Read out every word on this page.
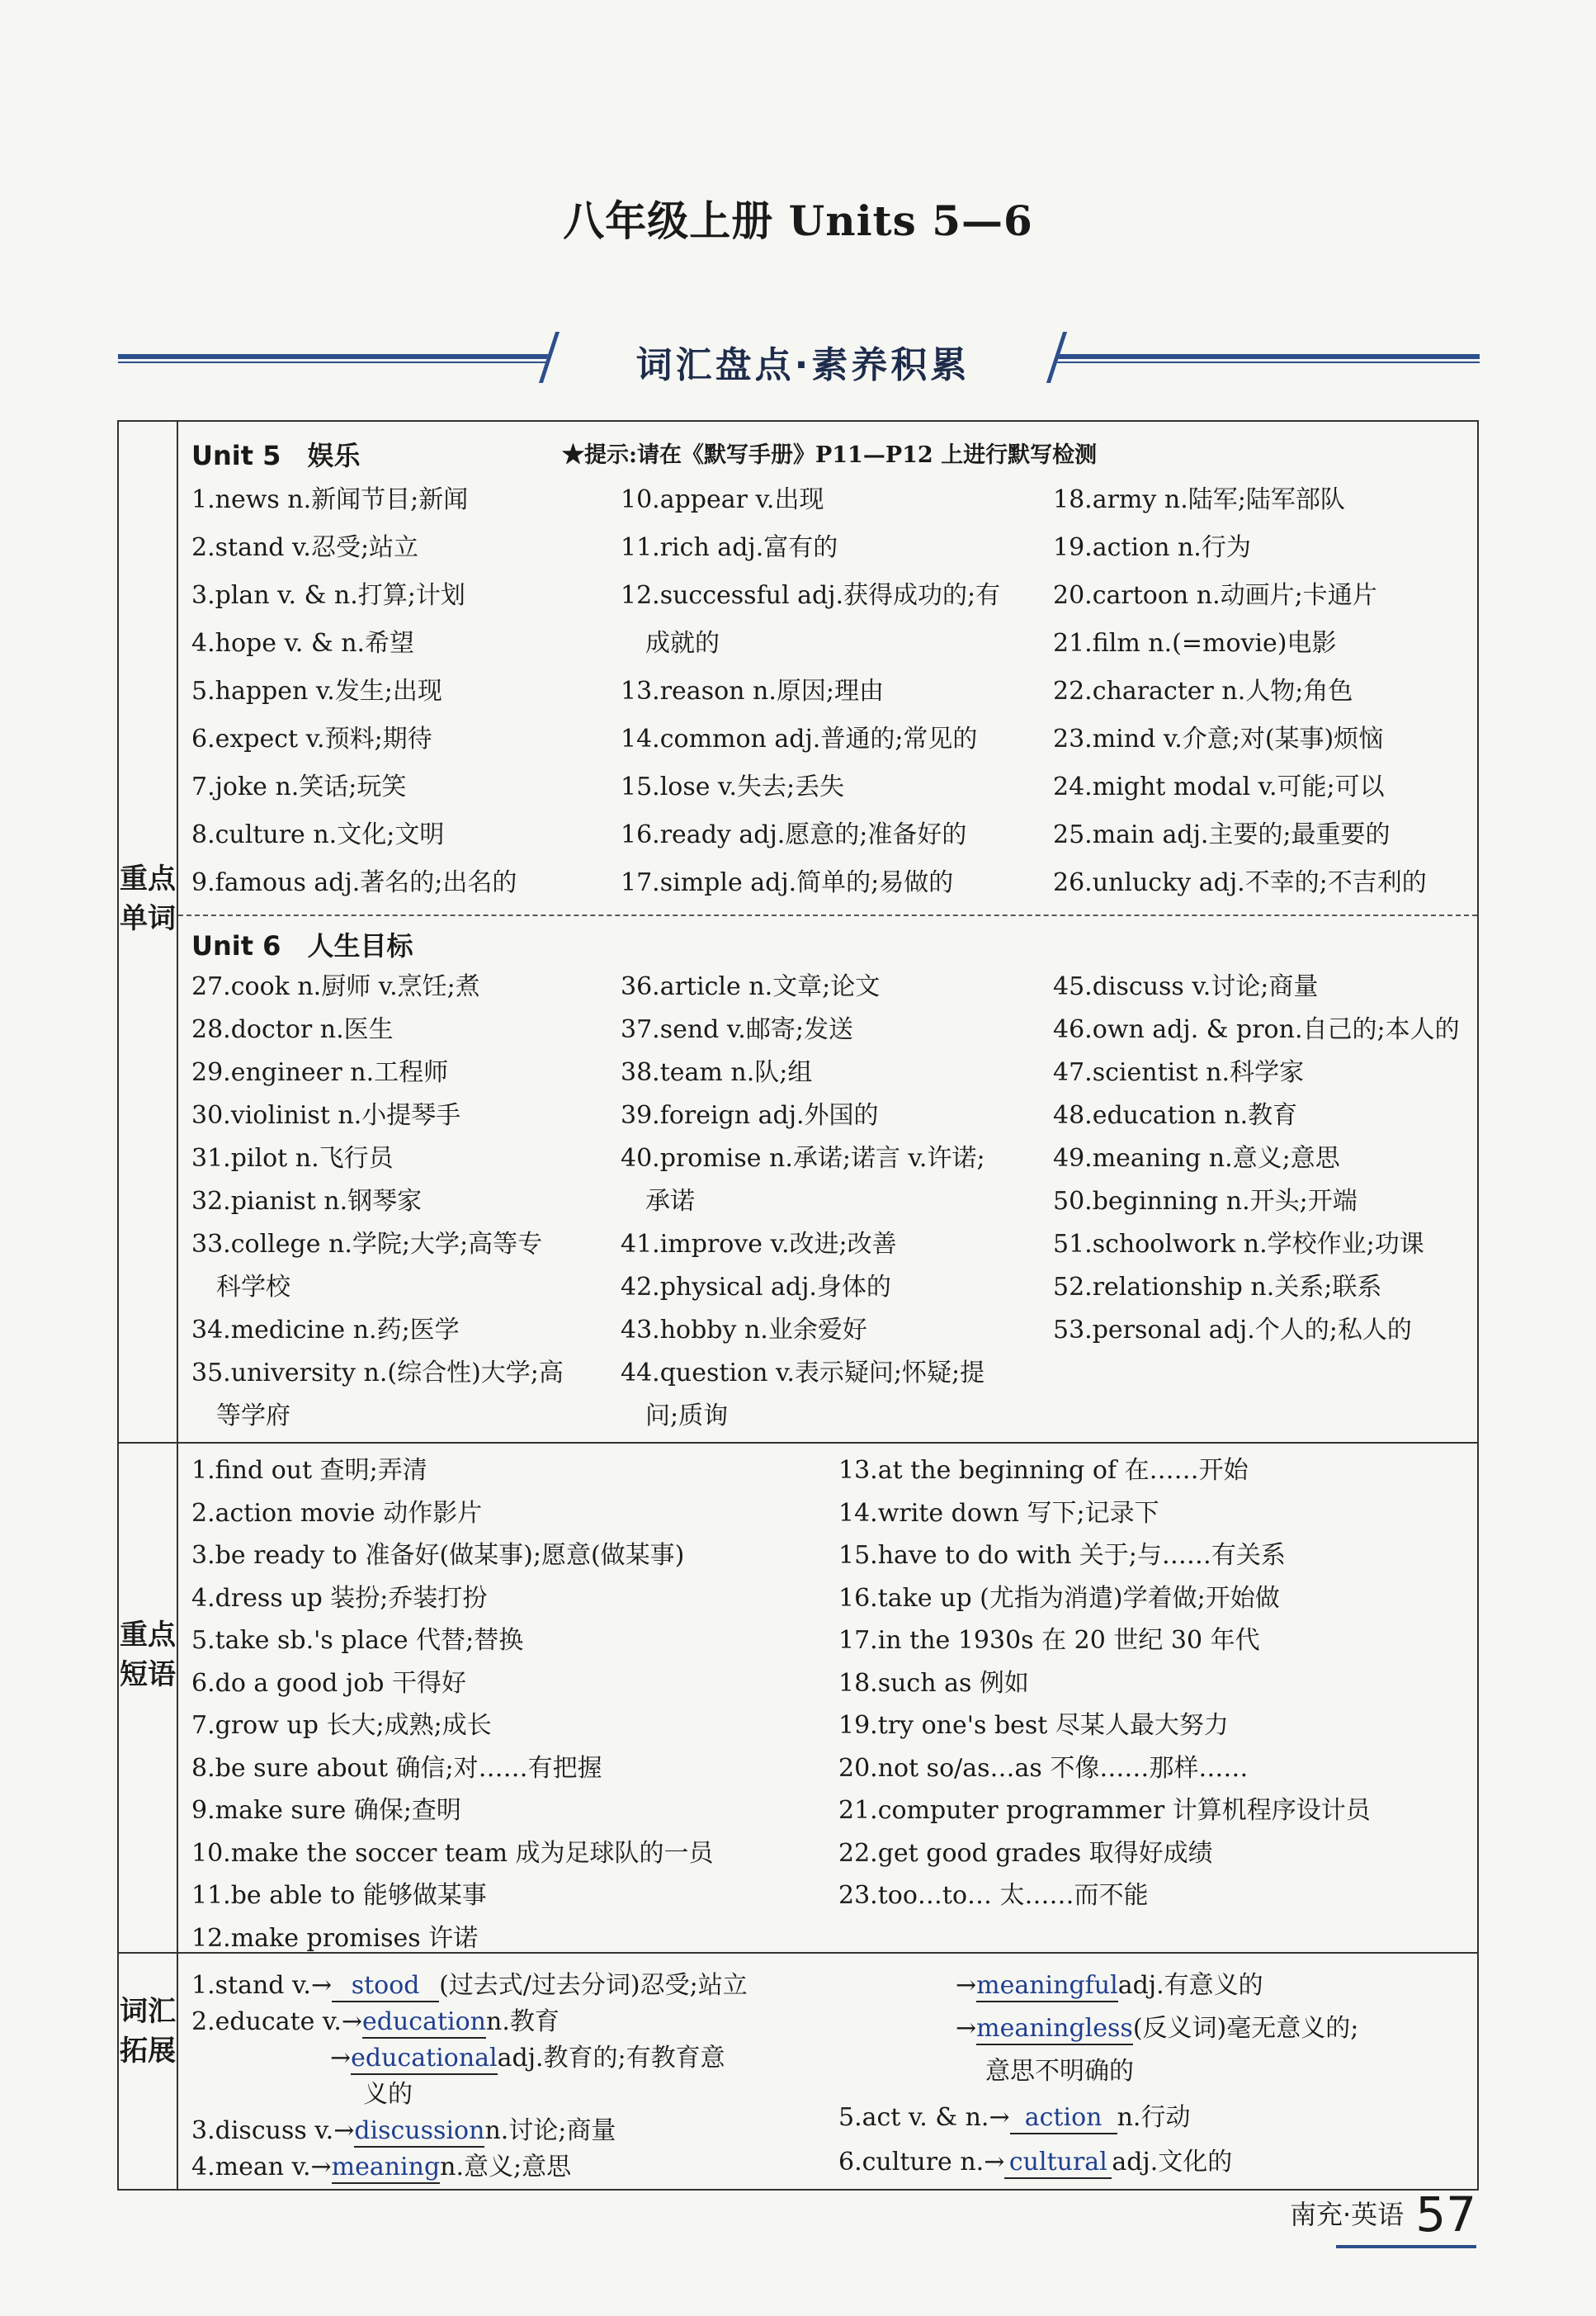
八年级上册 Units 5—6
词汇盘点·素养积累
重点单词
重点短语
词汇拓展
Unit 5　娱乐	★提示:请在《默写手册》P11—P12 上进行默写检测
1.news n.新闻节目;新闻
2.stand v.忍受;站立
3.plan v. & n.打算;计划
4.hope v. & n.希望
5.happen v.发生;出现
6.expect v.预料;期待
7.joke n.笑话;玩笑
8.culture n.文化;文明
9.famous adj.著名的;出名的
10.appear v.出现
11.rich adj.富有的
12.successful adj.获得成功的;有
　成就的
13.reason n.原因;理由
14.common adj.普通的;常见的
15.lose v.失去;丢失
16.ready adj.愿意的;准备好的
17.simple adj.简单的;易做的
18.army n.陆军;陆军部队
19.action n.行为
20.cartoon n.动画片;卡通片
21.film n.(=movie)电影
22.character n.人物;角色
23.mind v.介意;对(某事)烦恼
24.might modal v.可能;可以
25.main adj.主要的;最重要的
26.unlucky adj.不幸的;不吉利的
Unit 6　人生目标
27.cook n.厨师 v.烹饪;煮
28.doctor n.医生
29.engineer n.工程师
30.violinist n.小提琴手
31.pilot n.飞行员
32.pianist n.钢琴家
33.college n.学院;大学;高等专
　科学校
34.medicine n.药;医学
35.university n.(综合性)大学;高
　等学府
36.article n.文章;论文
37.send v.邮寄;发送
38.team n.队;组
39.foreign adj.外国的
40.promise n.承诺;诺言 v.许诺;
　承诺
41.improve v.改进;改善
42.physical adj.身体的
43.hobby n.业余爱好
44.question v.表示疑问;怀疑;提
　问;质询
45.discuss v.讨论;商量
46.own adj. & pron.自己的;本人的
47.scientist n.科学家
48.education n.教育
49.meaning n.意义;意思
50.beginning n.开头;开端
51.schoolwork n.学校作业;功课
52.relationship n.关系;联系
53.personal adj.个人的;私人的
1.find out 查明;弄清
2.action movie 动作影片
3.be ready to 准备好(做某事);愿意(做某事)
4.dress up 装扮;乔装打扮
5.take sb.'s place 代替;替换
6.do a good job 干得好
7.grow up 长大;成熟;成长
8.be sure about 确信;对……有把握
9.make sure 确保;查明
10.make the soccer team 成为足球队的一员
11.be able to 能够做某事
12.make promises 许诺
13.at the beginning of 在……开始
14.write down 写下;记录下
15.have to do with 关于;与……有关系
16.take up (尤指为消遣)学着做;开始做
17.in the 1930s 在 20 世纪 30 年代
18.such as 例如
19.try one's best 尽某人最大努力
20.not so/as…as 不像……那样……
21.computer programmer 计算机程序设计员
22.get good grades 取得好成绩
23.too…to… 太……而不能
1.stand v.→ stood (过去式/过去分词)忍受;站立
2.educate v.→educationn.教育
→educationaladj.教育的;有教育意
义的
3.discuss v.→discussionn.讨论;商量
4.mean v.→meaningn.意义;意思
→meaningfuladj.有意义的
→meaningless(反义词)毫无意义的;
意思不明确的
5.act v. & n.→ action n.行动
6.culture n.→ cultural adj.文化的
南充·英语 57
